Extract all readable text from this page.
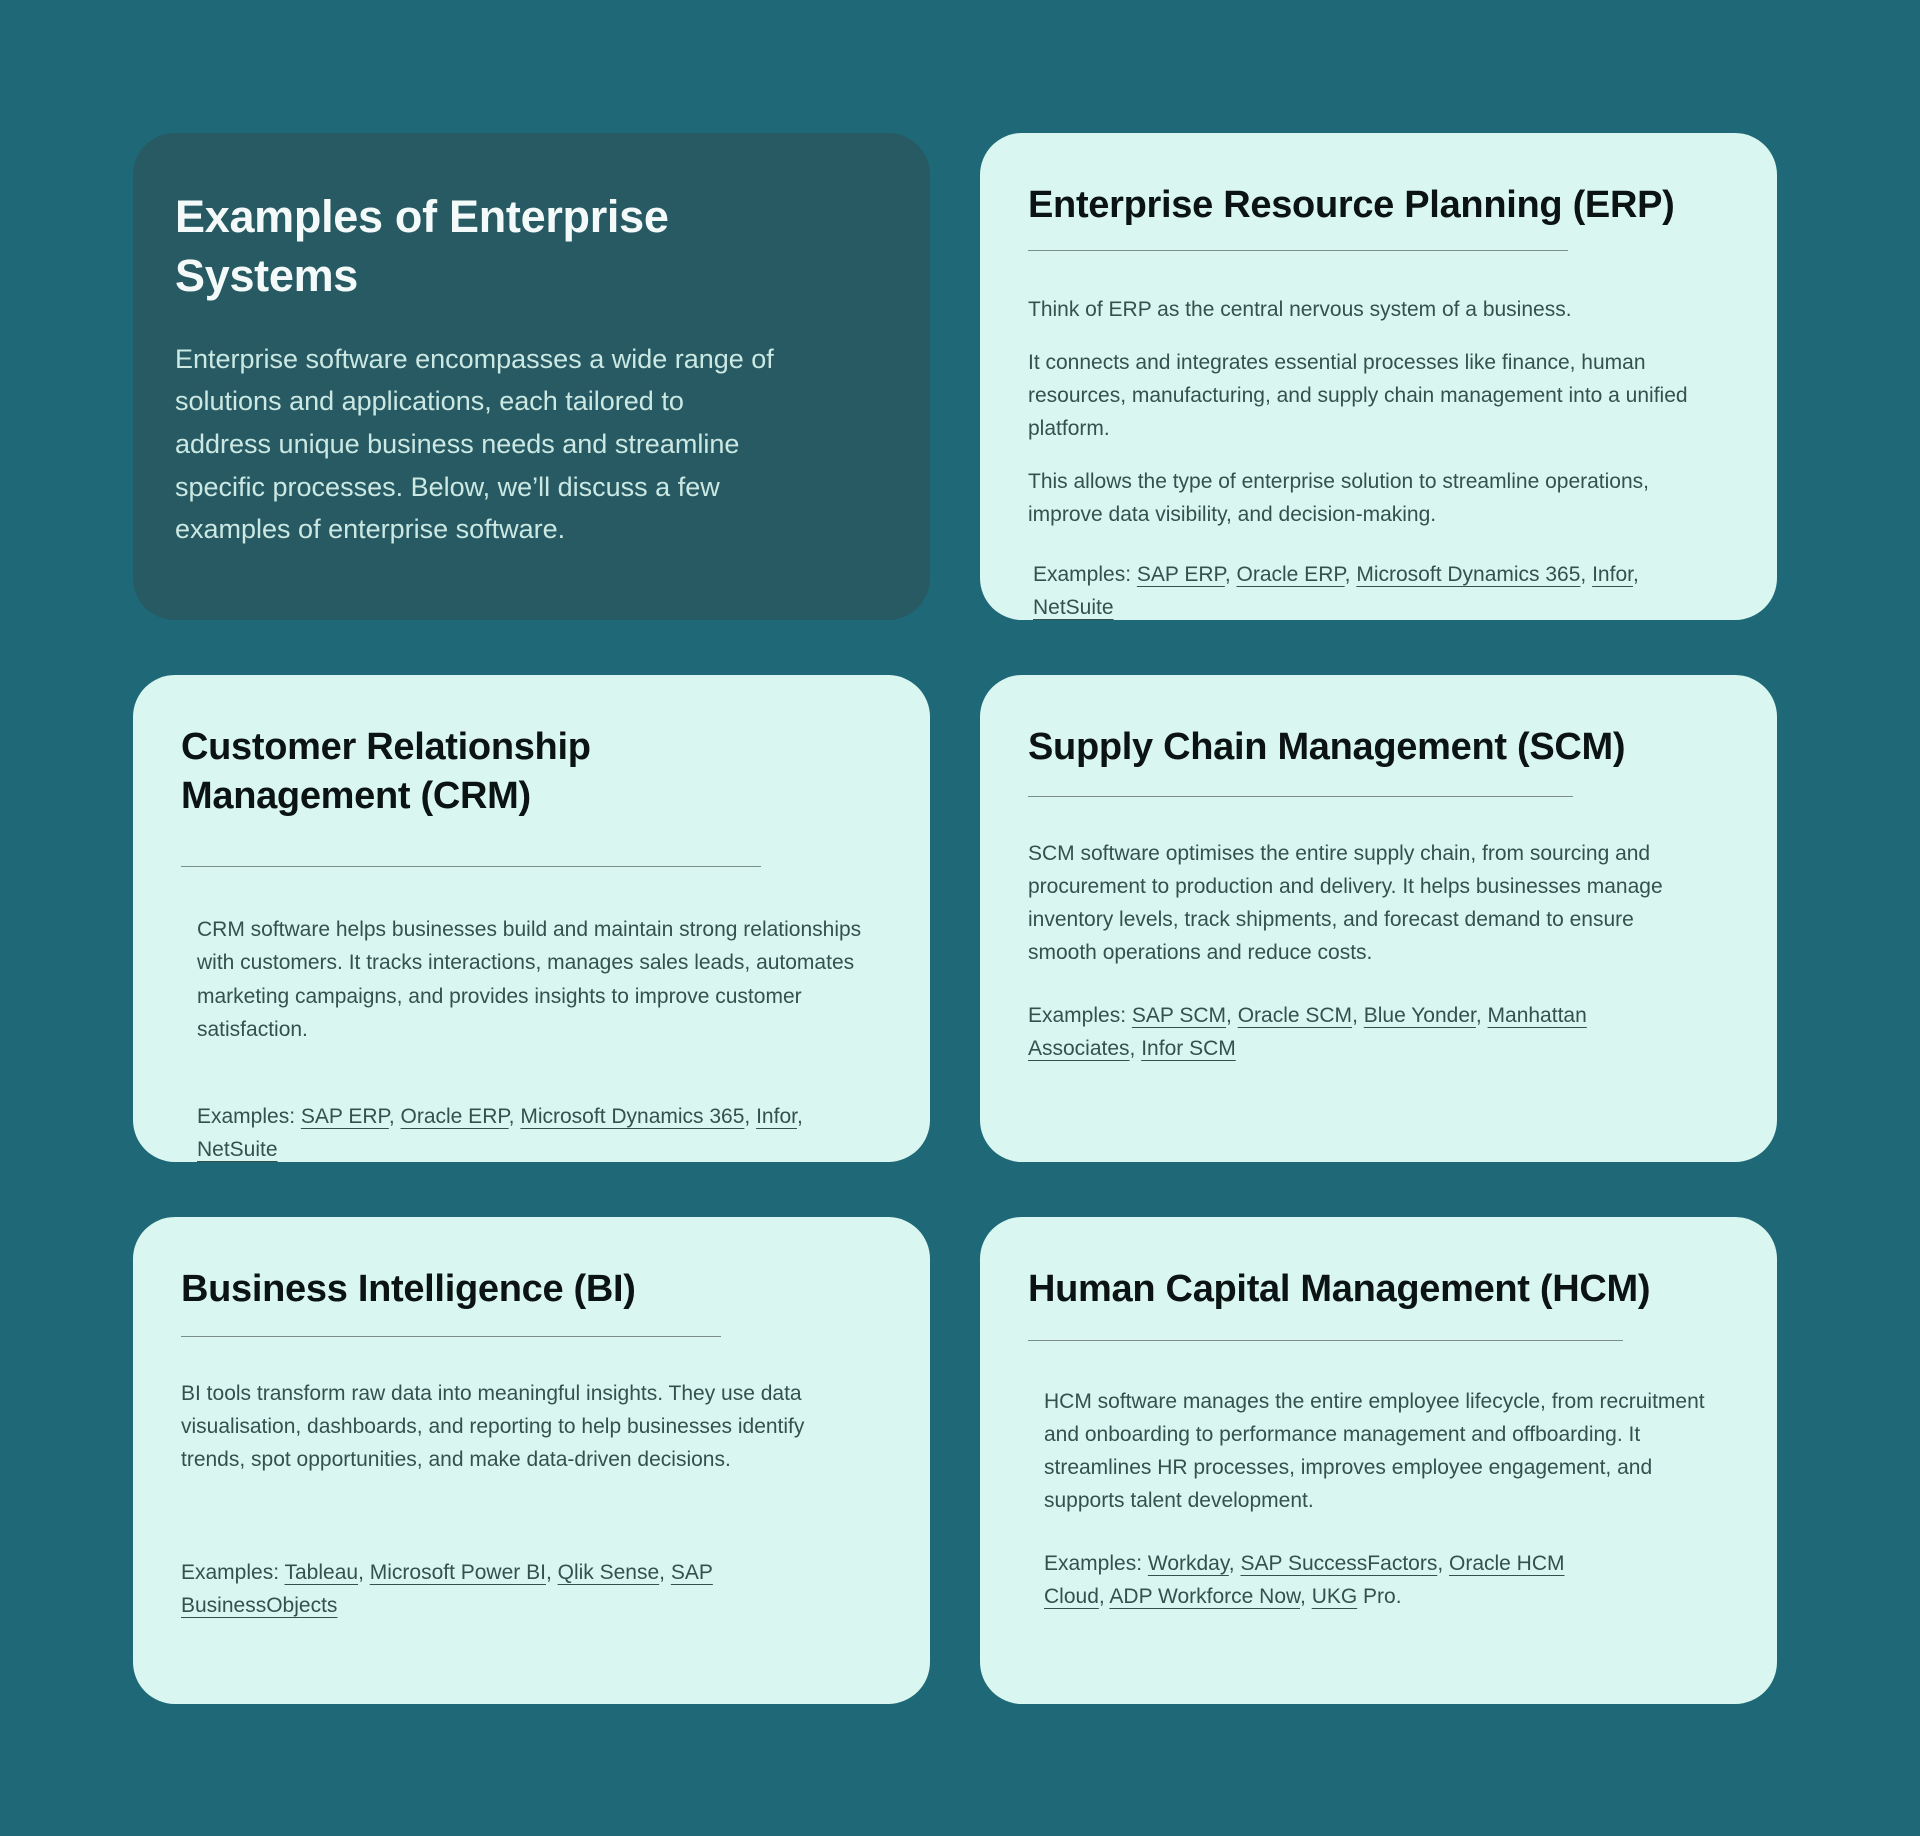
Examples of Enterprise Systems
Enterprise software encompasses a wide range of solutions and applications, each tailored to address unique business needs and streamline specific processes. Below, we’ll discuss a few examples of enterprise software.
Enterprise Resource Planning (ERP)

Think of ERP as the central nervous system of a business.

It connects and integrates essential processes like finance, human resources, manufacturing, and supply chain management into a unified platform.

This allows the type of enterprise solution to streamline operations, improve data visibility, and decision-making.

Examples: SAP ERP, Oracle ERP, Microsoft Dynamics 365, Infor, NetSuite
Customer Relationship Management (CRM)

CRM software helps businesses build and maintain strong relationships with customers. It tracks interactions, manages sales leads, automates marketing campaigns, and provides insights to improve customer satisfaction.

Examples: SAP ERP, Oracle ERP, Microsoft Dynamics 365, Infor, NetSuite
Supply Chain Management (SCM)

SCM software optimises the entire supply chain, from sourcing and procurement to production and delivery. It helps businesses manage inventory levels, track shipments, and forecast demand to ensure smooth operations and reduce costs.

Examples: SAP SCM, Oracle SCM, Blue Yonder, Manhattan Associates, Infor SCM
Business Intelligence (BI)

BI tools transform raw data into meaningful insights. They use data visualisation, dashboards, and reporting to help businesses identify trends, spot opportunities, and make data-driven decisions.

Examples: Tableau, Microsoft Power BI, Qlik Sense, SAP BusinessObjects
Human Capital Management (HCM)

HCM software manages the entire employee lifecycle, from recruitment and onboarding to performance management and offboarding. It streamlines HR processes, improves employee engagement, and supports talent development.

Examples: Workday, SAP SuccessFactors, Oracle HCM Cloud, ADP Workforce Now, UKG Pro.
